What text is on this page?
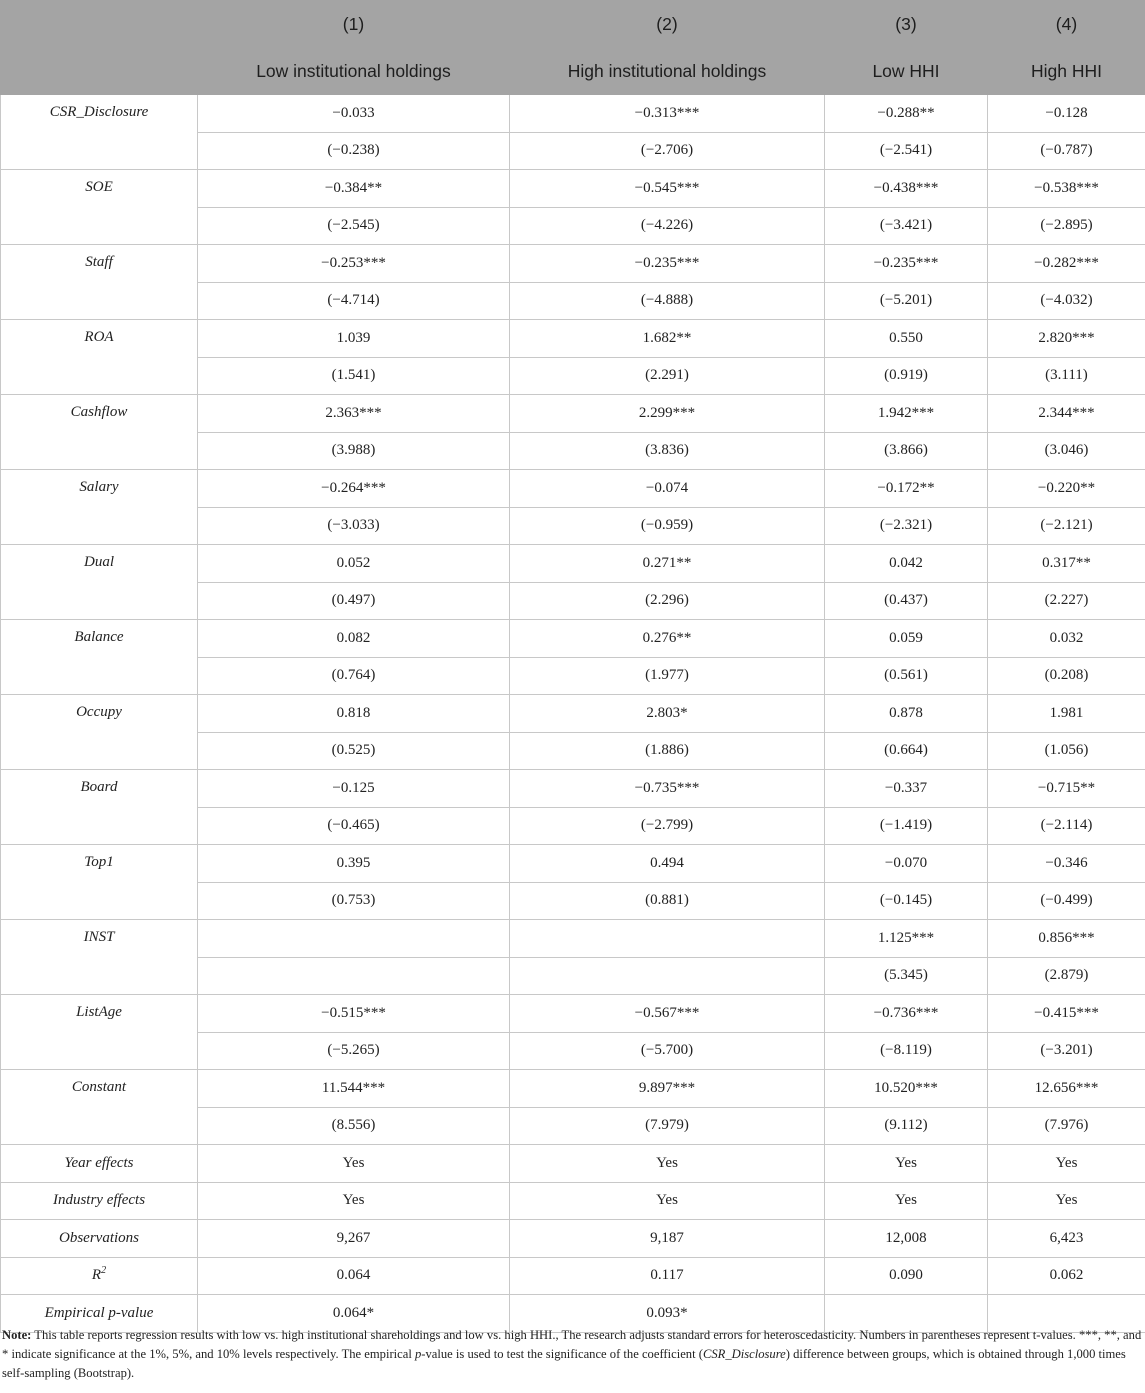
	(1)	(2)	(3)	(4)
	Low institutional holdings	High institutional holdings	Low HHI	High HHI
CSR_Disclosure	−0.033	−0.313***	−0.288**	−0.128
	(−0.238)	(−2.706)	(−2.541)	(−0.787)
SOE	−0.384**	−0.545***	−0.438***	−0.538***
	(−2.545)	(−4.226)	(−3.421)	(−2.895)
Staff	−0.253***	−0.235***	−0.235***	−0.282***
	(−4.714)	(−4.888)	(−5.201)	(−4.032)
ROA	1.039	1.682**	0.550	2.820***
	(1.541)	(2.291)	(0.919)	(3.111)
Cashflow	2.363***	2.299***	1.942***	2.344***
	(3.988)	(3.836)	(3.866)	(3.046)
Salary	−0.264***	−0.074	−0.172**	−0.220**
	(−3.033)	(−0.959)	(−2.321)	(−2.121)
Dual	0.052	0.271**	0.042	0.317**
	(0.497)	(2.296)	(0.437)	(2.227)
Balance	0.082	0.276**	0.059	0.032
	(0.764)	(1.977)	(0.561)	(0.208)
Occupy	0.818	2.803*	0.878	1.981
	(0.525)	(1.886)	(0.664)	(1.056)
Board	−0.125	−0.735***	−0.337	−0.715**
	(−0.465)	(−2.799)	(−1.419)	(−2.114)
Top1	0.395	0.494	−0.070	−0.346
	(0.753)	(0.881)	(−0.145)	(−0.499)
INST			1.125***	0.856***
			(5.345)	(2.879)
ListAge	−0.515***	−0.567***	−0.736***	−0.415***
	(−5.265)	(−5.700)	(−8.119)	(−3.201)
Constant	11.544***	9.897***	10.520***	12.656***
	(8.556)	(7.979)	(9.112)	(7.976)
Year effects	Yes	Yes	Yes	Yes
Industry effects	Yes	Yes	Yes	Yes
Observations	9,267	9,187	12,008	6,423
$R^2$	0.064	0.117	0.090	0.062
Empirical p-value	0.064*	0.093*		
Note: This table reports regression results with low vs. high institutional shareholdings and low vs. high HHI., The research adjusts standard errors for heteroscedasticity. Numbers in parentheses represent t-values. ***, **, and * indicate significance at the 1%, 5%, and 10% levels respectively. The empirical p-value is used to test the significance of the coefficient (CSR_Disclosure) difference between groups, which is obtained through 1,000 times self-sampling (Bootstrap).
